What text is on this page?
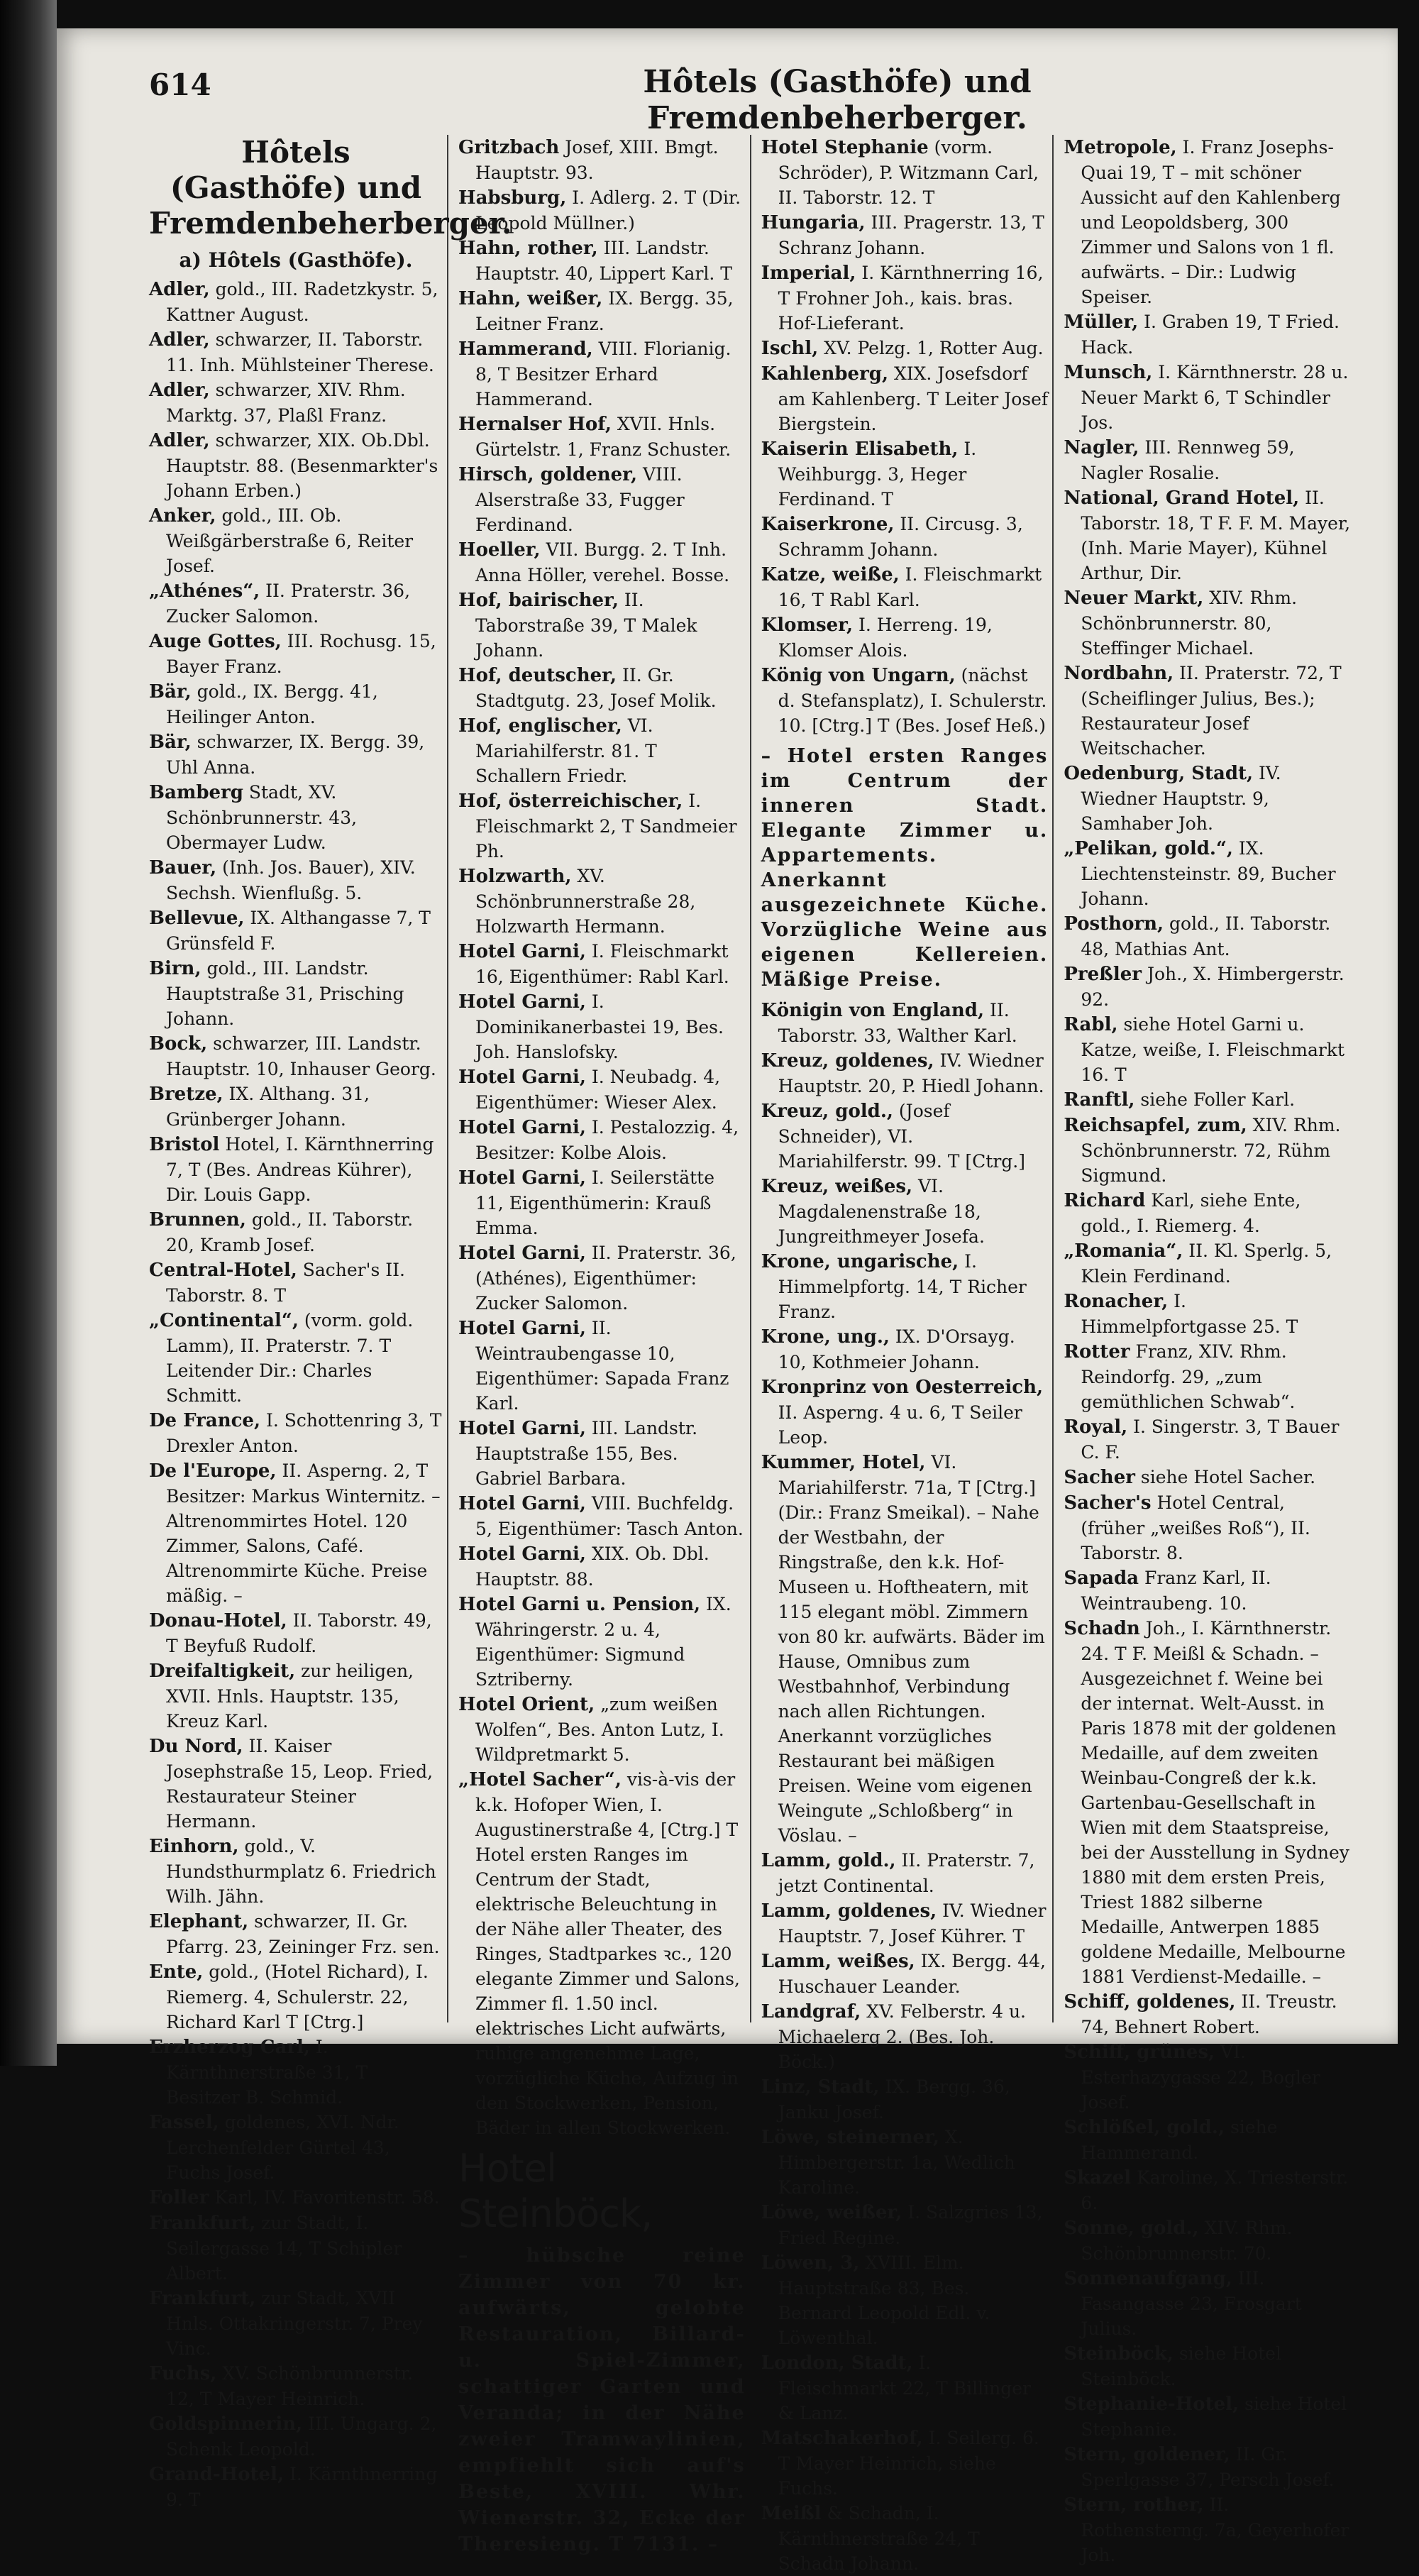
614	Hôtels (Gasthöfe) und Fremdenbeherberger.
Hôtels (Gasthöfe) und
Fremdenbeherberger.
a) Hôtels (Gasthöfe).
Adler, gold., III. Radetzkystr. 5, Kattner August.
Adler, schwarzer, II. Taborstr. 11. Inh. Mühlsteiner Therese.
Adler, schwarzer, XIV. Rhm. Marktg. 37, Plaßl Franz.
Adler, schwarzer, XIX. Ob.Dbl. Hauptstr. 88. (Besenmarkter's Johann Erben.)
Anker, gold., III. Ob. Weißgärberstraße 6, Reiter Josef.
„Athénes“, II. Praterstr. 36, Zucker Salomon.
Auge Gottes, III. Rochusg. 15, Bayer Franz.
Bär, gold., IX. Bergg. 41, Heilinger Anton.
Bär, schwarzer, IX. Bergg. 39, Uhl Anna.
Bamberg Stadt, XV. Schönbrunnerstr. 43, Obermayer Ludw.
Bauer, (Inh. Jos. Bauer), XIV. Sechsh. Wienflußg. 5.
Bellevue, IX. Althangasse 7, T Grünsfeld F.
Birn, gold., III. Landstr. Hauptstraße 31, Prisching Johann.
Bock, schwarzer, III. Landstr. Hauptstr. 10, Inhauser Georg.
Bretze, IX. Althang. 31, Grünberger Johann.
Bristol Hotel, I. Kärnthnerring 7, T (Bes. Andreas Kührer), Dir. Louis Gapp.
Brunnen, gold., II. Taborstr. 20, Kramb Josef.
Central-Hotel, Sacher's II. Taborstr. 8. T
„Continental“, (vorm. gold. Lamm), II. Praterstr. 7. T Leitender Dir.: Charles Schmitt.
De France, I. Schottenring 3, T Drexler Anton.
De l'Europe, II. Asperng. 2, T Besitzer: Markus Winternitz. – Altrenommirtes Hotel. 120 Zimmer, Salons, Café. Altrenommirte Küche. Preise mäßig. –
Donau-Hotel, II. Taborstr. 49, T Beyfuß Rudolf.
Dreifaltigkeit, zur heiligen, XVII. Hnls. Hauptstr. 135, Kreuz Karl.
Du Nord, II. Kaiser Josephstraße 15, Leop. Fried, Restaurateur Steiner Hermann.
Einhorn, gold., V. Hundsthurmplatz 6. Friedrich Wilh. Jähn.
Elephant, schwarzer, II. Gr. Pfarrg. 23, Zeininger Frz. sen.
Ente, gold., (Hotel Richard), I. Riemerg. 4, Schulerstr. 22, Richard Karl T [Ctrg.]
Erzherzog Carl, I. Kärnthnerstraße 31, T Besitzer B. Schmid.
Fassel, goldenes, XVI. Ndr. Lerchenfelder Gürtel 43, Fuchs Josef.
Foller Karl, IV. Favoritenstr. 58.
Frankfurt, zur Stadt, I. Seilergasse 14, T Schipler Albert.
Frankfurt, zur Stadt, XVII Hnls. Ottakringerstr. 7, Prey Vinc.
Fuchs, XV. Schönbrunnerstr. 12, T Mayer Heinrich.
Goldspinnerin, III. Ungarg. 2, Schenk Leopold.
Grand-Hotel, I. Kärnthnerring 9. T
Gritzbach Josef, XIII. Bmgt. Hauptstr. 93.
Habsburg, I. Adlerg. 2. T (Dir. Leopold Müllner.)
Hahn, rother, III. Landstr. Hauptstr. 40, Lippert Karl. T
Hahn, weißer, IX. Bergg. 35, Leitner Franz.
Hammerand, VIII. Florianig. 8, T Besitzer Erhard Hammerand.
Hernalser Hof, XVII. Hnls. Gürtelstr. 1, Franz Schuster.
Hirsch, goldener, VIII. Alserstraße 33, Fugger Ferdinand.
Hoeller, VII. Burgg. 2. T Inh. Anna Höller, verehel. Bosse.
Hof, bairischer, II. Taborstraße 39, T Malek Johann.
Hof, deutscher, II. Gr. Stadtgutg. 23, Josef Molik.
Hof, englischer, VI. Mariahilferstr. 81. T Schallern Friedr.
Hof, österreichischer, I. Fleischmarkt 2, T Sandmeier Ph.
Holzwarth, XV. Schönbrunnerstraße 28, Holzwarth Hermann.
Hotel Garni, I. Fleischmarkt 16, Eigenthümer: Rabl Karl.
Hotel Garni, I. Dominikanerbastei 19, Bes. Joh. Hanslofsky.
Hotel Garni, I. Neubadg. 4, Eigenthümer: Wieser Alex.
Hotel Garni, I. Pestalozzig. 4, Besitzer: Kolbe Alois.
Hotel Garni, I. Seilerstätte 11, Eigenthümerin: Krauß Emma.
Hotel Garni, II. Praterstr. 36, (Athénes), Eigenthümer: Zucker Salomon.
Hotel Garni, II. Weintraubengasse 10, Eigenthümer: Sapada Franz Karl.
Hotel Garni, III. Landstr. Hauptstraße 155, Bes. Gabriel Barbara.
Hotel Garni, VIII. Buchfeldg. 5, Eigenthümer: Tasch Anton.
Hotel Garni, XIX. Ob. Dbl. Hauptstr. 88.
Hotel Garni u. Pension, IX. Währingerstr. 2 u. 4, Eigenthümer: Sigmund Sztriberny.
Hotel Orient, „zum weißen Wolfen“, Bes. Anton Lutz, I. Wildpretmarkt 5.
„Hotel Sacher“, vis-à-vis der k.k. Hofoper Wien, I. Augustinerstraße 4, [Ctrg.] T Hotel ersten Ranges im Centrum der Stadt, elektrische Beleuchtung in der Nähe aller Theater, des Ringes, Stadtparkes ꝛc., 120 elegante Zimmer und Salons, Zimmer fl. 1.50 incl. elektrisches Licht aufwärts, ruhige angenehme Lage, vorzügliche Küche, Aufzug in den Stockwerken, Pension, Bäder in allen Stockwerken.
Hotel Steinböck,
– hübsche reine Zimmer von 70 kr. aufwärts, gelobte Restauration, Billard- u. Spiel-Zimmer, schattiger Garten und Veranda; in der Nähe zweier Tramwaylinien, empfiehlt sich auf's Beste, XVIII. Whr. Wienerstr. 32, Ecke der Theresieng. T 7131. –
Hotel Stephanie (vorm. Schröder), P. Witzmann Carl, II. Taborstr. 12. T
Hungaria, III. Pragerstr. 13, T Schranz Johann.
Imperial, I. Kärnthnerring 16, T Frohner Joh., kais. bras. Hof-Lieferant.
Ischl, XV. Pelzg. 1, Rotter Aug.
Kahlenberg, XIX. Josefsdorf am Kahlenberg. T Leiter Josef Biergstein.
Kaiserin Elisabeth, I. Weihburgg. 3, Heger Ferdinand. T
Kaiserkrone, II. Circusg. 3, Schramm Johann.
Katze, weiße, I. Fleischmarkt 16, T Rabl Karl.
Klomser, I. Herreng. 19, Klomser Alois.
König von Ungarn, (nächst d. Stefansplatz), I. Schulerstr. 10. [Ctrg.] T (Bes. Josef Heß.)
– Hotel ersten Ranges im Centrum der inneren Stadt. Elegante Zimmer u. Appartements. Anerkannt ausgezeichnete Küche. Vorzügliche Weine aus eigenen Kellereien. Mäßige Preise.
Königin von England, II. Taborstr. 33, Walther Karl.
Kreuz, goldenes, IV. Wiedner Hauptstr. 20, P. Hiedl Johann.
Kreuz, gold., (Josef Schneider), VI. Mariahilferstr. 99. T [Ctrg.]
Kreuz, weißes, VI. Magdalenenstraße 18, Jungreithmeyer Josefa.
Krone, ungarische, I. Himmelpfortg. 14, T Richer Franz.
Krone, ung., IX. D'Orsayg. 10, Kothmeier Johann.
Kronprinz von Oesterreich, II. Asperng. 4 u. 6, T Seiler Leop.
Kummer, Hotel, VI. Mariahilferstr. 71a, T [Ctrg.] (Dir.: Franz Smeikal). – Nahe der Westbahn, der Ringstraße, den k.k. Hof-Museen u. Hoftheatern, mit 115 elegant möbl. Zimmern von 80 kr. aufwärts. Bäder im Hause, Omnibus zum Westbahnhof, Verbindung nach allen Richtungen. Anerkannt vorzügliches Restaurant bei mäßigen Preisen. Weine vom eigenen Weingute „Schloßberg“ in Vöslau. –
Lamm, gold., II. Praterstr. 7, jetzt Continental.
Lamm, goldenes, IV. Wiedner Hauptstr. 7, Josef Kührer. T
Lamm, weißes, IX. Bergg. 44, Huschauer Leander.
Landgraf, XV. Felberstr. 4 u. Michaelerg 2. (Bes. Joh. Böck.)
Linz, Stadt, IX. Bergg. 36, Janku Josef.
Löwe, steinerner, X. Himbergerstr. 1a, Wedlich Karoline.
Löwe, weißer, I. Salzgries 13, Fried Regine.
Löwen, 3, XVIII. Elm. Hauptstraße 83, Bes. Bernard Leopold Edl. v. Löwenthal.
London, Stadt, I. Fleischmarkt 22, T Billinger & Lanz.
Matschakerhof, I. Seilerg. 6. T Mayer Heinrich, siehe Fuchs.
Meißl & Schadn, I. Kärnthnerstraße 24, T Schadn Johann.
Metropole, I. Franz Josephs-Quai 19, T – mit schöner Aussicht auf den Kahlenberg und Leopoldsberg, 300 Zimmer und Salons von 1 fl. aufwärts. – Dir.: Ludwig Speiser.
Müller, I. Graben 19, T Fried. Hack.
Munsch, I. Kärnthnerstr. 28 u. Neuer Markt 6, T Schindler Jos.
Nagler, III. Rennweg 59, Nagler Rosalie.
National, Grand Hotel, II. Taborstr. 18, T F. F. M. Mayer, (Inh. Marie Mayer), Kühnel Arthur, Dir.
Neuer Markt, XIV. Rhm. Schönbrunnerstr. 80, Steffinger Michael.
Nordbahn, II. Praterstr. 72, T (Scheiflinger Julius, Bes.); Restaurateur Josef Weitschacher.
Oedenburg, Stadt, IV. Wiedner Hauptstr. 9, Samhaber Joh.
„Pelikan, gold.“, IX. Liechtensteinstr. 89, Bucher Johann.
Posthorn, gold., II. Taborstr. 48, Mathias Ant.
Preßler Joh., X. Himbergerstr. 92.
Rabl, siehe Hotel Garni u. Katze, weiße, I. Fleischmarkt 16. T
Ranftl, siehe Foller Karl.
Reichsapfel, zum, XIV. Rhm. Schönbrunnerstr. 72, Rühm Sigmund.
Richard Karl, siehe Ente, gold., I. Riemerg. 4.
„Romania“, II. Kl. Sperlg. 5, Klein Ferdinand.
Ronacher, I. Himmelpfortgasse 25. T
Rotter Franz, XIV. Rhm. Reindorfg. 29, „zum gemüthlichen Schwab“.
Royal, I. Singerstr. 3, T Bauer C. F.
Sacher siehe Hotel Sacher.
Sacher's Hotel Central, (früher „weißes Roß“), II. Taborstr. 8.
Sapada Franz Karl, II. Weintraubeng. 10.
Schadn Joh., I. Kärnthnerstr. 24. T F. Meißl & Schadn. – Ausgezeichnet f. Weine bei der internat. Welt-Ausst. in Paris 1878 mit der goldenen Medaille, auf dem zweiten Weinbau-Congreß der k.k. Gartenbau-Gesellschaft in Wien mit dem Staatspreise, bei der Ausstellung in Sydney 1880 mit dem ersten Preis, Triest 1882 silberne Medaille, Antwerpen 1885 goldene Medaille, Melbourne 1881 Verdienst-Medaille. –
Schiff, goldenes, II. Treustr. 74, Behnert Robert.
Schiff, grünes, VI. Esterhazygasse 22, Bogler Josef.
Schlößel, gold., siehe Hammerand.
Skazel Karoline, X. Triesterstr. 6.
Sonne, gold., XIV. Rhm. Schönbrunnerstr. 70.
Sonnenaufgang, III. Fasangasse 23, Frosgart Julius.
Steinböck, siehe Hotel Steinböck.
Stephanie-Hotel, siehe Hotel Stephanie.
Stern, goldener, II. Gr. Sperlgasse 37, Persch Josef.
Stern, rother, II. Rothensterng. 7a, Geyerhofer Joh.
